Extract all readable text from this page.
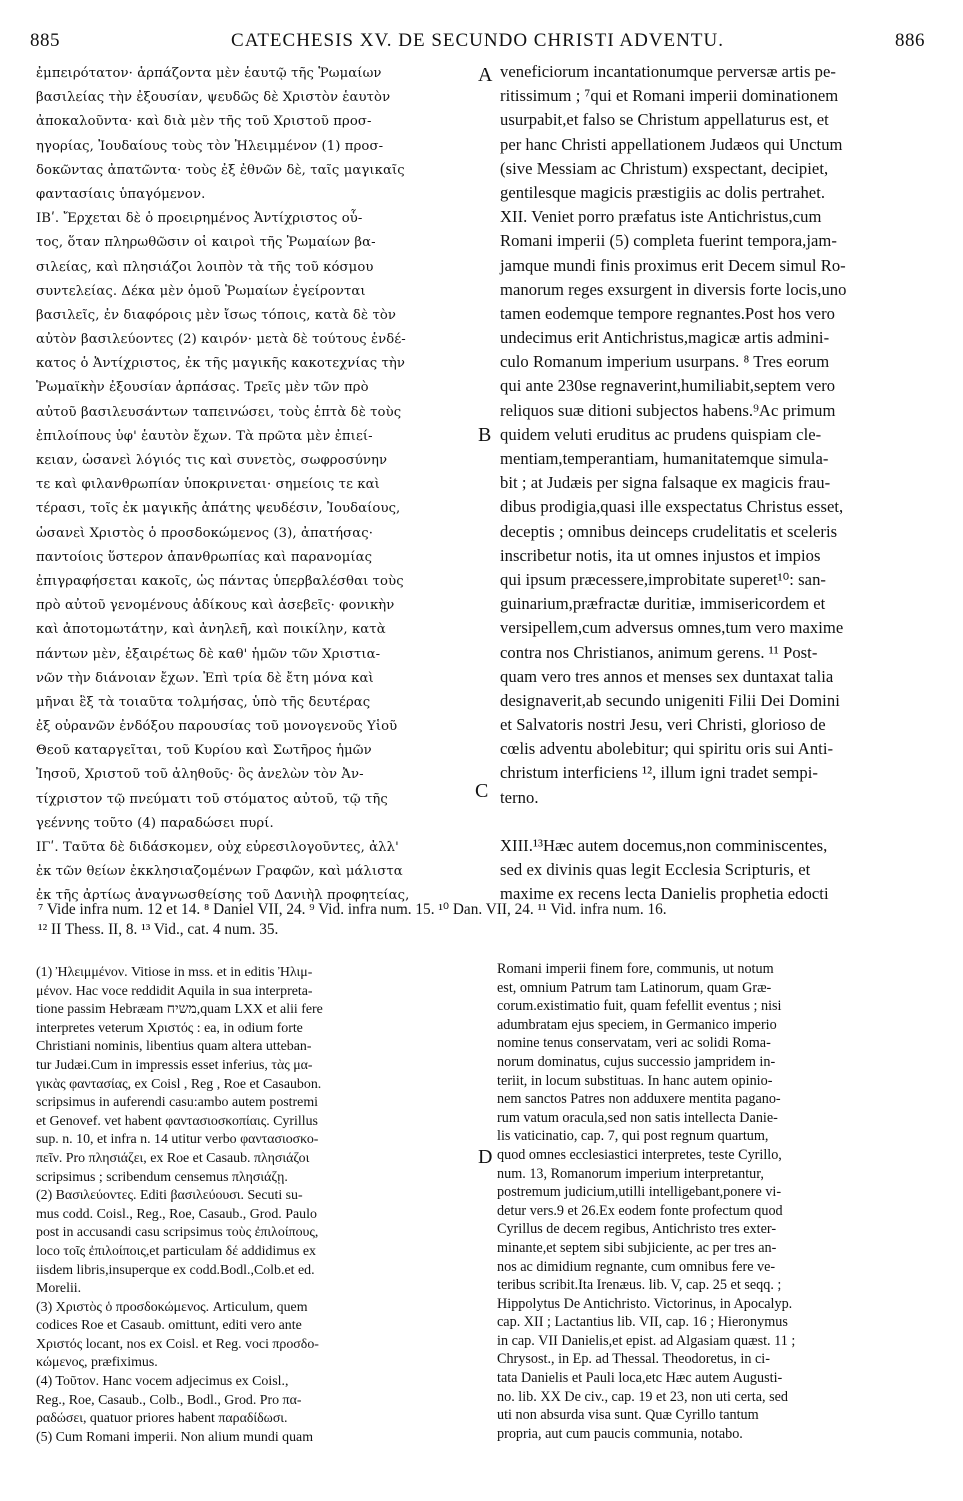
885	CATECHESIS XV. DE SECUNDO CHRISTI ADVENTU.	886
ἐμπειρότατον· ἁρπάζοντα μὲν ἑαυτῷ τῆς Ῥωμαίων
βασιλείας τὴν ἐξουσίαν, ψευδῶς δὲ Χριστὸν ἑαυτὸν
ἀποκαλοῦντα· καὶ διὰ μὲν τῆς τοῦ Χριστοῦ προσ-
ηγορίας, Ἰουδαίους τοὺς τὸν Ἠλειμμένον (1) προσ-
δοκῶντας ἀπατῶντα· τοὺς ἐξ ἐθνῶν δὲ, ταῖς μαγικαῖς
φαντασίαις ὑπαγόμενον.
ΙΒʹ. Ἔρχεται δὲ ὁ προειρημένος Ἀντίχριστος οὗ-
τος, ὅταν πληρωθῶσιν οἱ καιροὶ τῆς Ῥωμαίων βα-
σιλείας, καὶ πλησιάζοι λοιπὸν τὰ τῆς τοῦ κόσμου
συντελείας. Δέκα μὲν ὁμοῦ Ῥωμαίων ἐγείρονται
βασιλεῖς, ἐν διαφόροις μὲν ἴσως τόποις, κατὰ δὲ τὸν
αὐτὸν βασιλεύοντες (2) καιρόν· μετὰ δὲ τούτους ἑνδέ-
κατος ὁ Ἀντίχριστος, ἐκ τῆς μαγικῆς κακοτεχνίας τὴν
Ῥωμαϊκὴν ἐξουσίαν ἁρπάσας. Τρεῖς μὲν τῶν πρὸ
αὐτοῦ βασιλευσάντων ταπεινώσει, τοὺς ἑπτὰ δὲ τοὺς
ἐπιλοίπους ὑφ' ἑαυτὸν ἔχων. Τὰ πρῶτα μὲν ἐπιεί-
κειαν, ὡσανεὶ λόγιός τις καὶ συνετὸς, σωφροσύνην
τε καὶ φιλανθρωπίαν ὑποκρινεται· σημείοις τε καὶ
τέρασι, τοῖς ἐκ μαγικῆς ἀπάτης ψευδέσιν, Ἰουδαίους,
ὡσανεὶ Χριστὸς ὁ προσδοκώμενος (3), ἀπατήσας·
παντοίοις ὕστερον ἀπανθρωπίας καὶ παρανομίας
ἐπιγραφήσεται κακοῖς, ὡς πάντας ὑπερβαλέσθαι τοὺς
πρὸ αὐτοῦ γενομένους ἀδίκους καὶ ἀσεβεῖς· φονικὴν
καὶ ἀποτομωτάτην, καὶ ἀνηλεῆ, καὶ ποικίλην, κατὰ
πάντων μὲν, ἐξαιρέτως δὲ καθ' ἡμῶν τῶν Χριστια-
νῶν τὴν διάνοιαν ἔχων. Ἐπὶ τρία δὲ ἔτη μόνα καὶ
μῆναι ἓξ τὰ τοιαῦτα τολμήσας, ὑπὸ τῆς δευτέρας
ἐξ οὐρανῶν ἐνδόξου παρουσίας τοῦ μονογενοῦς Υἱοῦ
Θεοῦ καταργεῖται, τοῦ Κυρίου καὶ Σωτῆρος ἡμῶν
Ἰησοῦ, Χριστοῦ τοῦ ἀληθοῦς· ὃς ἀνελὼν τὸν Ἀν-
τίχριστον τῷ πνεύματι τοῦ στόματος αὐτοῦ, τῷ τῆς
γεέννης τοῦτο (4) παραδώσει πυρί.
ΙΓʹ. Ταῦτα δὲ διδάσκομεν, οὐχ εὑρεσιλογοῦντες, ἀλλ'
ἐκ τῶν θείων ἐκκλησιαζομένων Γραφῶν, καὶ μάλιστα
ἐκ τῆς ἀρτίως ἀναγνωσθείσης τοῦ Δανιὴλ προφητείας,
veneficiorum incantationumque perversæ artis pe-
ritissimum ; ⁷qui et Romani imperii dominationem
usurpabit,et falso se Christum appellaturus est, et
per hanc Christi appellationem Judæos qui Unctum
(sive Messiam ac Christum) exspectant, decipiet,
gentilesque magicis præstigiis ac dolis pertrahet.
XII. Veniet porro præfatus iste Antichristus,cum
Romani imperii (5) completa fuerint tempora,jam-
jamque mundi finis proximus erit Decem simul Ro-
manorum reges exsurgent in diversis forte locis,uno
tamen eodemque tempore regnantes.Post hos vero
undecimus erit Antichristus,magicæ artis admini-
culo Romanum imperium usurpans. ⁸ Tres eorum
qui ante 230se regnaverint,humiliabit,septem vero
reliquos suæ ditioni subjectos habens.⁹Ac primum
quidem veluti eruditus ac prudens quispiam cle-
mentiam,temperantiam, humanitatemque simula-
bit ; at Judæis per signa falsaque ex magicis frau-
dibus prodigia,quasi ille exspectatus Christus esset,
deceptis ; omnibus deinceps crudelitatis et sceleris
inscribetur notis, ita ut omnes injustos et impios
qui ipsum præcessere,improbitate superet¹⁰: san-
guinarium,præfractæ duritiæ, immisericordem et
versipellem,cum adversus omnes,tum vero maxime
contra nos Christianos, animum gerens. ¹¹ Post-
quam vero tres annos et menses sex duntaxat talia
designaverit,ab secundo unigeniti Filii Dei Domini
et Salvatoris nostri Jesu, veri Christi, glorioso de
cœlis adventu abolebitur; qui spiritu oris sui Anti-
christum interficiens ¹², illum igni tradet sempi-
terno.
XIII.¹³Hæc autem docemus,non comminiscentes,
sed ex divinis quas legit Ecclesia Scripturis, et
maxime ex recens lecta Danielis prophetia edocti
A
B
C
D
⁷ Vide infra num. 12 et 14. ⁸ Daniel VII, 24. ⁹ Vid. infra num. 15. ¹⁰ Dan. VII, 24. ¹¹ Vid. infra num. 16.
¹² II Thess. II, 8. ¹³ Vid., cat. 4 num. 35.
(1) Ἠλειμμένον. Vitiose in mss. et in editis Ἠλιμ-
μένον. Hac voce reddidit Aquila in sua interpreta-
tione passim Hebræam משיח,quam LXX et alii fere
interpretes veterum Χριστός : ea, in odium forte
Christiani nominis, libentius quam altera utteban-
tur Judæi.Cum in impressis esset inferius, τὰς μα-
γικὰς φαντασίας, ex Coisl , Reg , Roe et Casaubon.
scripsimus in auferendi casu:ambo autem postremi
et Genovef. vet habent φαντασιοσκοπίαις. Cyrillus
sup. n. 10, et infra n. 14 utitur verbo φαντασιοσκο-
πεῖν. Pro πλησιάζει, ex Roe et Casaub. πλησιάζοι
scripsimus ; scribendum censemus πλησιάζῃ.
(2) Βασιλεύοντες. Editi βασιλεύουσι. Secuti su-
mus codd. Coisl., Reg., Roe, Casaub., Grod. Paulo
post in accusandi casu scripsimus τοὺς ἐπιλοίπους,
loco τοῖς ἐπιλοίποις,et particulam δέ addidimus ex
iisdem libris,insuperque ex codd.Bodl.,Colb.et ed.
Morelii.
(3) Χριστὸς ὁ προσδοκώμενος. Articulum, quem
codices Roe et Casaub. omittunt, editi vero ante
Χριστός locant, nos ex Coisl. et Reg. voci προσδο-
κώμενος, præfiximus.
(4) Τοῦτον. Hanc vocem adjecimus ex Coisl.,
Reg., Roe, Casaub., Colb., Bodl., Grod. Pro πα-
ραδώσει, quatuor priores habent παραδίδωσι.
(5) Cum Romani imperii. Non alium mundi quam
Romani imperii finem fore, communis, ut notum
est, omnium Patrum tam Latinorum, quam Græ-
corum.existimatio fuit, quam fefellit eventus ; nisi
adumbratam ejus speciem, in Germanico imperio
nomine tenus conservatam, veri ac solidi Roma-
norum dominatus, cujus successio jampridem in-
teriit, in locum substituas. In hanc autem opinio-
nem sanctos Patres non adduxere mentita pagano-
rum vatum oracula,sed non satis intellecta Danie-
lis vaticinatio, cap. 7, qui post regnum quartum,
quod omnes ecclesiastici interpretes, teste Cyrillo,
num. 13, Romanorum imperium interpretantur,
postremum judicium,utilli intelligebant,ponere vi-
detur vers.9 et 26.Ex eodem fonte profectum quod
Cyrillus de decem regibus, Antichristo tres exter-
minante,et septem sibi subjiciente, ac per tres an-
nos ac dimidium regnante, cum omnibus fere ve-
teribus scribit.Ita Irenæus. lib. V, cap. 25 et seqq. ;
Hippolytus De Antichristo. Victorinus, in Apocalyp.
cap. XII ; Lactantius lib. VII, cap. 16 ; Hieronymus
in cap. VII Danielis,et epist. ad Algasiam quæst. 11 ;
Chrysost., in Ep. ad Thessal. Theodoretus, in ci-
tata Danielis et Pauli loca,etc Hæc autem Augusti-
no. lib. XX De civ., cap. 19 et 23, non uti certa, sed
uti non absurda visa sunt. Quæ Cyrillo tantum
propria, aut cum paucis communia, notabo.
